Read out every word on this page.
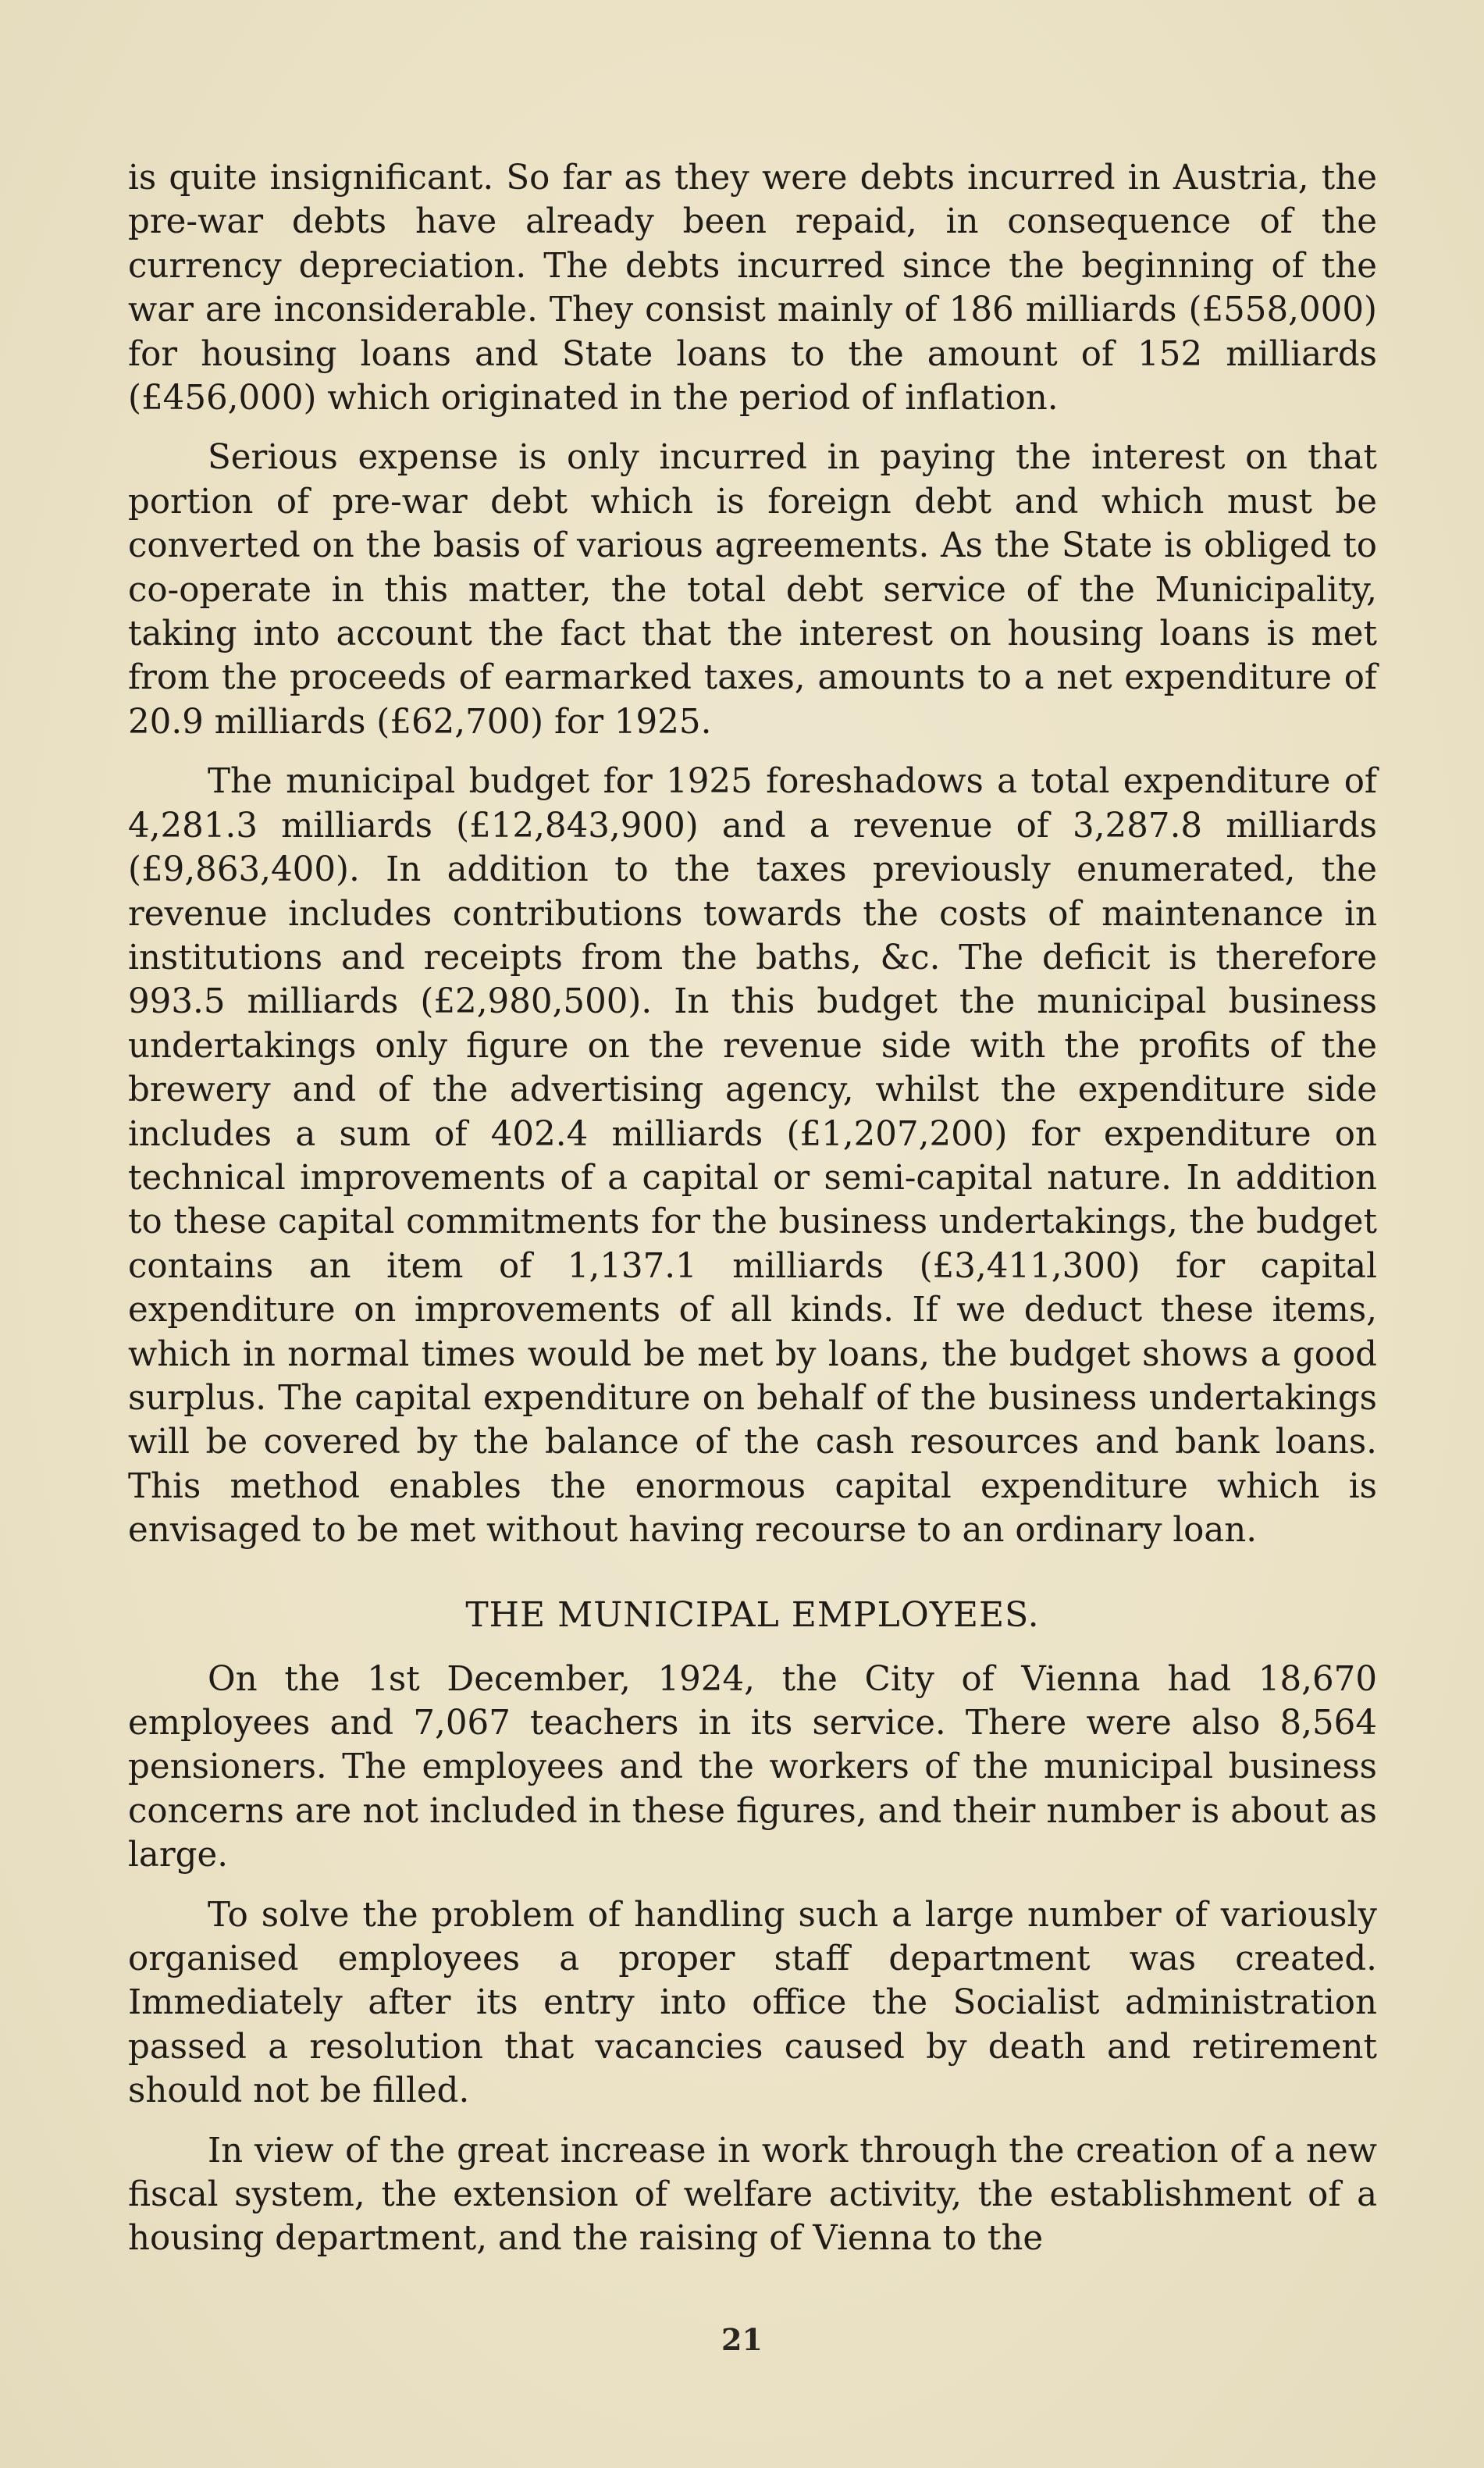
is quite insignificant. So far as they were debts incurred in Austria, the pre-war debts have already been repaid, in consequence of the currency depreciation. The debts incurred since the beginning of the war are inconsiderable. They consist mainly of 186 milliards (£558,000) for housing loans and State loans to the amount of 152 milliards (£456,000) which originated in the period of inflation.

Serious expense is only incurred in paying the interest on that portion of pre-war debt which is foreign debt and which must be converted on the basis of various agreements. As the State is obliged to co-operate in this matter, the total debt service of the Municipality, taking into account the fact that the interest on housing loans is met from the proceeds of earmarked taxes, amounts to a net expenditure of 20.9 milliards (£62,700) for 1925.

The municipal budget for 1925 foreshadows a total expenditure of 4,281.3 milliards (£12,843,900) and a revenue of 3,287.8 milliards (£9,863,400). In addition to the taxes previously enumerated, the revenue includes contributions towards the costs of maintenance in institutions and receipts from the baths, &c. The deficit is therefore 993.5 milliards (£2,980,500). In this budget the municipal business undertakings only figure on the revenue side with the profits of the brewery and of the advertising agency, whilst the expenditure side includes a sum of 402.4 milliards (£1,207,200) for expenditure on technical improvements of a capital or semi-capital nature. In addition to these capital commitments for the business undertakings, the budget contains an item of 1,137.1 milliards (£3,411,300) for capital expenditure on improvements of all kinds. If we deduct these items, which in normal times would be met by loans, the budget shows a good surplus. The capital expenditure on behalf of the business undertakings will be covered by the balance of the cash resources and bank loans. This method enables the enormous capital expenditure which is envisaged to be met without having recourse to an ordinary loan.

THE MUNICIPAL EMPLOYEES.

On the 1st December, 1924, the City of Vienna had 18,670 employees and 7,067 teachers in its service. There were also 8,564 pensioners. The employees and the workers of the municipal business concerns are not included in these figures, and their number is about as large.

To solve the problem of handling such a large number of variously organised employees a proper staff department was created. Immediately after its entry into office the Socialist administration passed a resolution that vacancies caused by death and retirement should not be filled.

In view of the great increase in work through the creation of a new fiscal system, the extension of welfare activity, the establishment of a housing department, and the raising of Vienna to the

21
